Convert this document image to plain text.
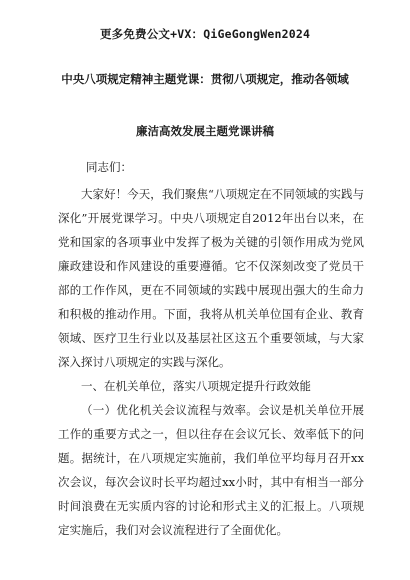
更多免费公文+VX：QiGeGongWen2024
中央八项规定精神主题党课：贯彻八项规定，推动各领域
廉洁高效发展主题党课讲稿

同志们：

大家好！今天，我们聚焦“八项规定在不同领域的实践与深化”开展党课学习。中央八项规定自2012年出台以来，在党和国家的各项事业中发挥了极为关键的引领作用成为党风廉政建设和作风建设的重要遵循。它不仅深刻改变了党员干部的工作作风，更在不同领域的实践中展现出强大的生命力和积极的推动作用。下面，我将从机关单位国有企业、教育领域、医疗卫生行业以及基层社区这五个重要领域，与大家深入探讨八项规定的实践与深化。

一、在机关单位，落实八项规定提升行政效能

（一）优化机关会议流程与效率。会议是机关单位开展工作的重要方式之一，但以往存在会议冗长、效率低下的问题。据统计，在八项规定实施前，我们单位平均每月召开xx次会议，每次会议时长平均超过xx小时，其中有相当一部分时间浪费在无实质内容的讨论和形式主义的汇报上。八项规定实施后，我们对会议流程进行了全面优化。
